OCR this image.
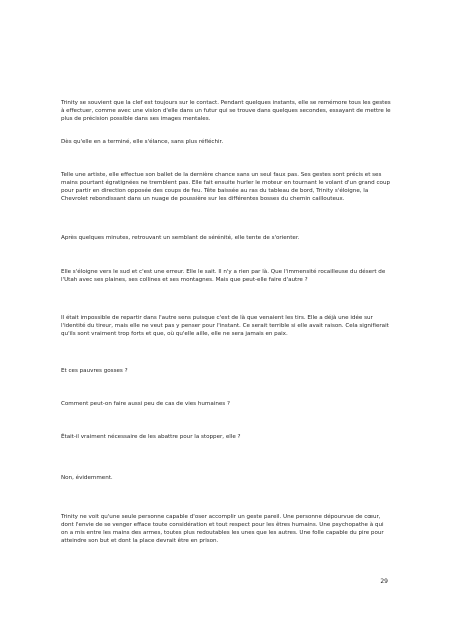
Trinity se souvient que la clef est toujours sur le contact. Pendant quelques instants, elle se remémore tous les gestes à effectuer, comme avec une vision d'elle dans un futur qui se trouve dans quelques secondes, essayant de mettre le plus de précision possible dans ses images mentales.

Dès qu'elle en a terminé, elle s'élance, sans plus réfléchir.

Telle une artiste, elle effectue son ballet de la dernière chance sans un seul faux pas. Ses gestes sont précis et ses mains pourtant égratignées ne tremblent pas. Elle fait ensuite hurler le moteur en tournant le volant d'un grand coup pour partir en direction opposée des coups de feu. Tête baissée au ras du tableau de bord, Trinity s'éloigne, la Chevrolet rebondissant dans un nuage de poussière sur les différentes bosses du chemin caillouteux.

Après quelques minutes, retrouvant un semblant de sérénité, elle tente de s'orienter.

Elle s'éloigne vers le sud et c'est une erreur. Elle le sait. Il n'y a rien par là. Que l'immensité rocailleuse du désert de l'Utah avec ses plaines, ses collines et ses montagnes. Mais que peut-elle faire d'autre ?

Il était impossible de repartir dans l'autre sens puisque c'est de là que venaient les tirs. Elle a déjà une idée sur l'identité du tireur, mais elle ne veut pas y penser pour l'instant. Ce serait terrible si elle avait raison. Cela signifierait qu'ils sont vraiment trop forts et que, où qu'elle aille, elle ne sera jamais en paix.

Et ces pauvres gosses ?

Comment peut-on faire aussi peu de cas de vies humaines ?

Était-il vraiment nécessaire de les abattre pour la stopper, elle ?

Non, évidemment.

Trinity ne voit qu'une seule personne capable d'oser accomplir un geste pareil. Une personne dépourvue de cœur, dont l'envie de se venger efface toute considération et tout respect pour les êtres humains. Une psychopathe à qui on a mis entre les mains des armes, toutes plus redoutables les unes que les autres. Une folle capable du pire pour atteindre son but et dont la place devrait être en prison.

29
